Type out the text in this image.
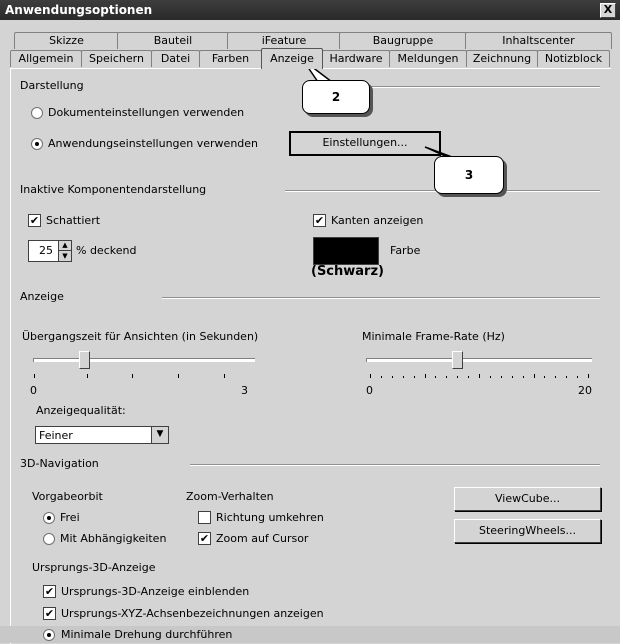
Anwendungsoptionen	X
Skizze	Bauteil	iFeature	Baugruppe	Inhaltscenter
Allgemein	Speichern	Datei	Farben	Anzeige	Hardware	Meldungen	Zeichnung	Notizblock
Darstellung
Dokumenteinstellungen verwenden
Anwendungseinstellungen verwenden	Einstellungen...
Inaktive Komponentendarstellung
✔ Schattiert
25	▲
▼ % deckend
✔ Kanten anzeigen
Farbe
(Schwarz)
Anzeige
Übergangszeit für Ansichten (in Sekunden)
0	3
Minimale Frame-Rate (Hz)
0	20
Anzeigequalität:
Feiner	▼
3D-Navigation
Vorgabeorbit
Frei
Mit Abhängigkeiten
Zoom-Verhalten
Richtung umkehren
✔ Zoom auf Cursor
ViewCube...
SteeringWheels...
Ursprungs-3D-Anzeige
✔ Ursprungs-3D-Anzeige einblenden
✔ Ursprungs-XYZ-Achsenbezeichnungen anzeigen
Minimale Drehung durchführen
2
3
